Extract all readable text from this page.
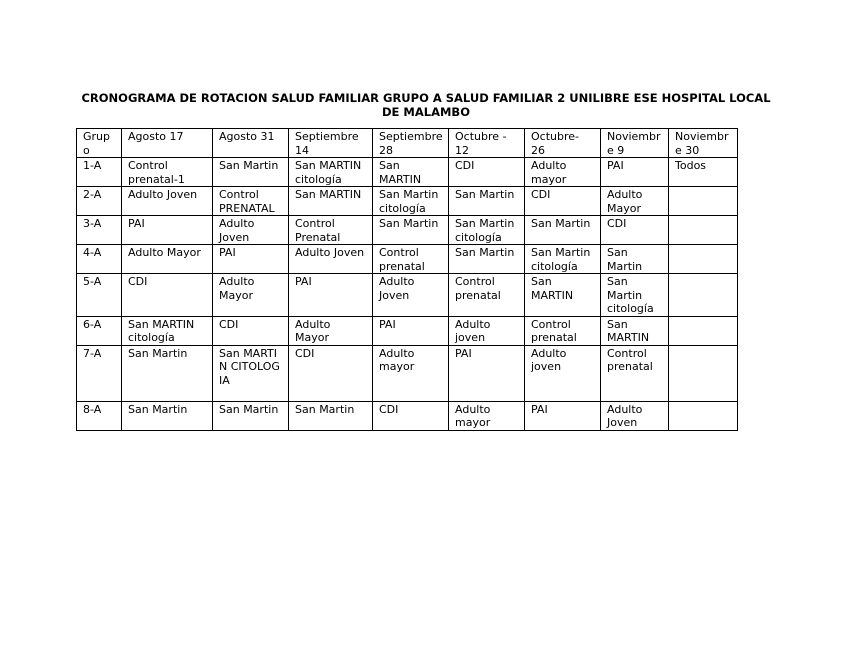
CRONOGRAMA DE ROTACION SALUD FAMILIAR GRUPO A SALUD FAMILIAR 2 UNILIBRE ESE HOSPITAL LOCAL DE MALAMBO
Grupo	Agosto 17	Agosto 31	Septiembre 14	Septiembre 28	Octubre - 12	Octubre- 26	Noviembre 9	Noviembre 30

1-A	Control prenatal-1	San Martin	San MARTIN citología	San MARTIN	CDI	Adulto mayor	PAI	Todos

2-A	Adulto Joven	Control PRENATAL	San MARTIN	San Martin citología	San Martin	CDI	Adulto Mayor	

3-A	PAI	Adulto Joven	Control Prenatal	San Martin	San Martin citología	San Martin	CDI	

4-A	Adulto Mayor	PAI	Adulto Joven	Control prenatal	San Martin	San Martin citología	San Martin	

5-A	CDI	Adulto Mayor	PAI	Adulto Joven	Control prenatal	San MARTIN	San Martin citología	

6-A	San MARTIN citología	CDI	Adulto Mayor	PAI	Adulto joven	Control prenatal	San MARTIN	

7-A	San Martin	San MARTIN CITOLOGIA	CDI	Adulto mayor	PAI	Adulto joven	Control prenatal	

8-A	San Martin	San Martin	San Martin	CDI	Adulto mayor	PAI	Adulto Joven	
